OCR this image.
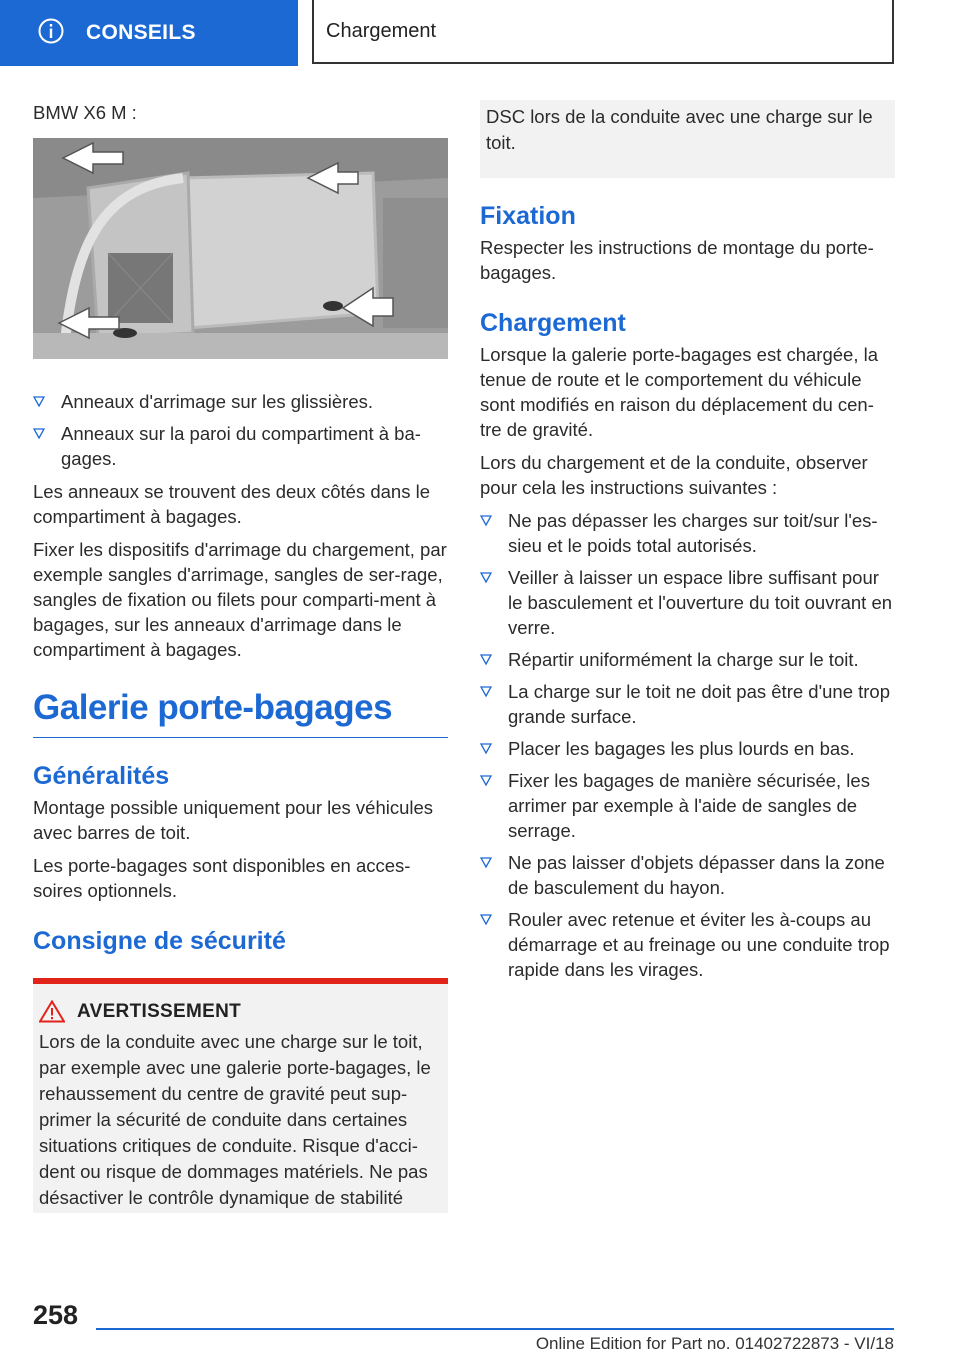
CONSEILS	Chargement

BMW X6 M :

Anneaux d'arrimage sur les glissières.
Anneaux sur la paroi du compartiment à ba-gages.

Les anneaux se trouvent des deux côtés dans le compartiment à bagages.

Fixer les dispositifs d'arrimage du chargement, par exemple sangles d'arrimage, sangles de ser-rage, sangles de fixation ou filets pour comparti-ment à bagages, sur les anneaux d'arrimage dans le compartiment à bagages.

Galerie porte-bagages
Généralités

Montage possible uniquement pour les véhicules avec barres de toit.

Les porte-bagages sont disponibles en acces-soires optionnels.

Consigne de sécurité
AVERTISSEMENT

Lors de la conduite avec une charge sur le toit, par exemple avec une galerie porte-bagages, le rehaussement du centre de gravité peut sup-primer la sécurité de conduite dans certaines situations critiques de conduite. Risque d'acci-dent ou risque de dommages matériels. Ne pas désactiver le contrôle dynamique de stabilité

DSC lors de la conduite avec une charge sur le toit.

Fixation

Respecter les instructions de montage du porte-bagages.

Chargement

Lorsque la galerie porte-bagages est chargée, la tenue de route et le comportement du véhicule sont modifiés en raison du déplacement du cen-tre de gravité.

Lors du chargement et de la conduite, observer pour cela les instructions suivantes :

Ne pas dépasser les charges sur toit/sur l'es-sieu et le poids total autorisés.
Veiller à laisser un espace libre suffisant pour le basculement et l'ouverture du toit ouvrant en verre.
Répartir uniformément la charge sur le toit.
La charge sur le toit ne doit pas être d'une trop grande surface.
Placer les bagages les plus lourds en bas.
Fixer les bagages de manière sécurisée, les arrimer par exemple à l'aide de sangles de serrage.
Ne pas laisser d'objets dépasser dans la zone de basculement du hayon.
Rouler avec retenue et éviter les à-coups au démarrage et au freinage ou une conduite trop rapide dans les virages.
258
Online Edition for Part no. 01402722873 - VI/18
